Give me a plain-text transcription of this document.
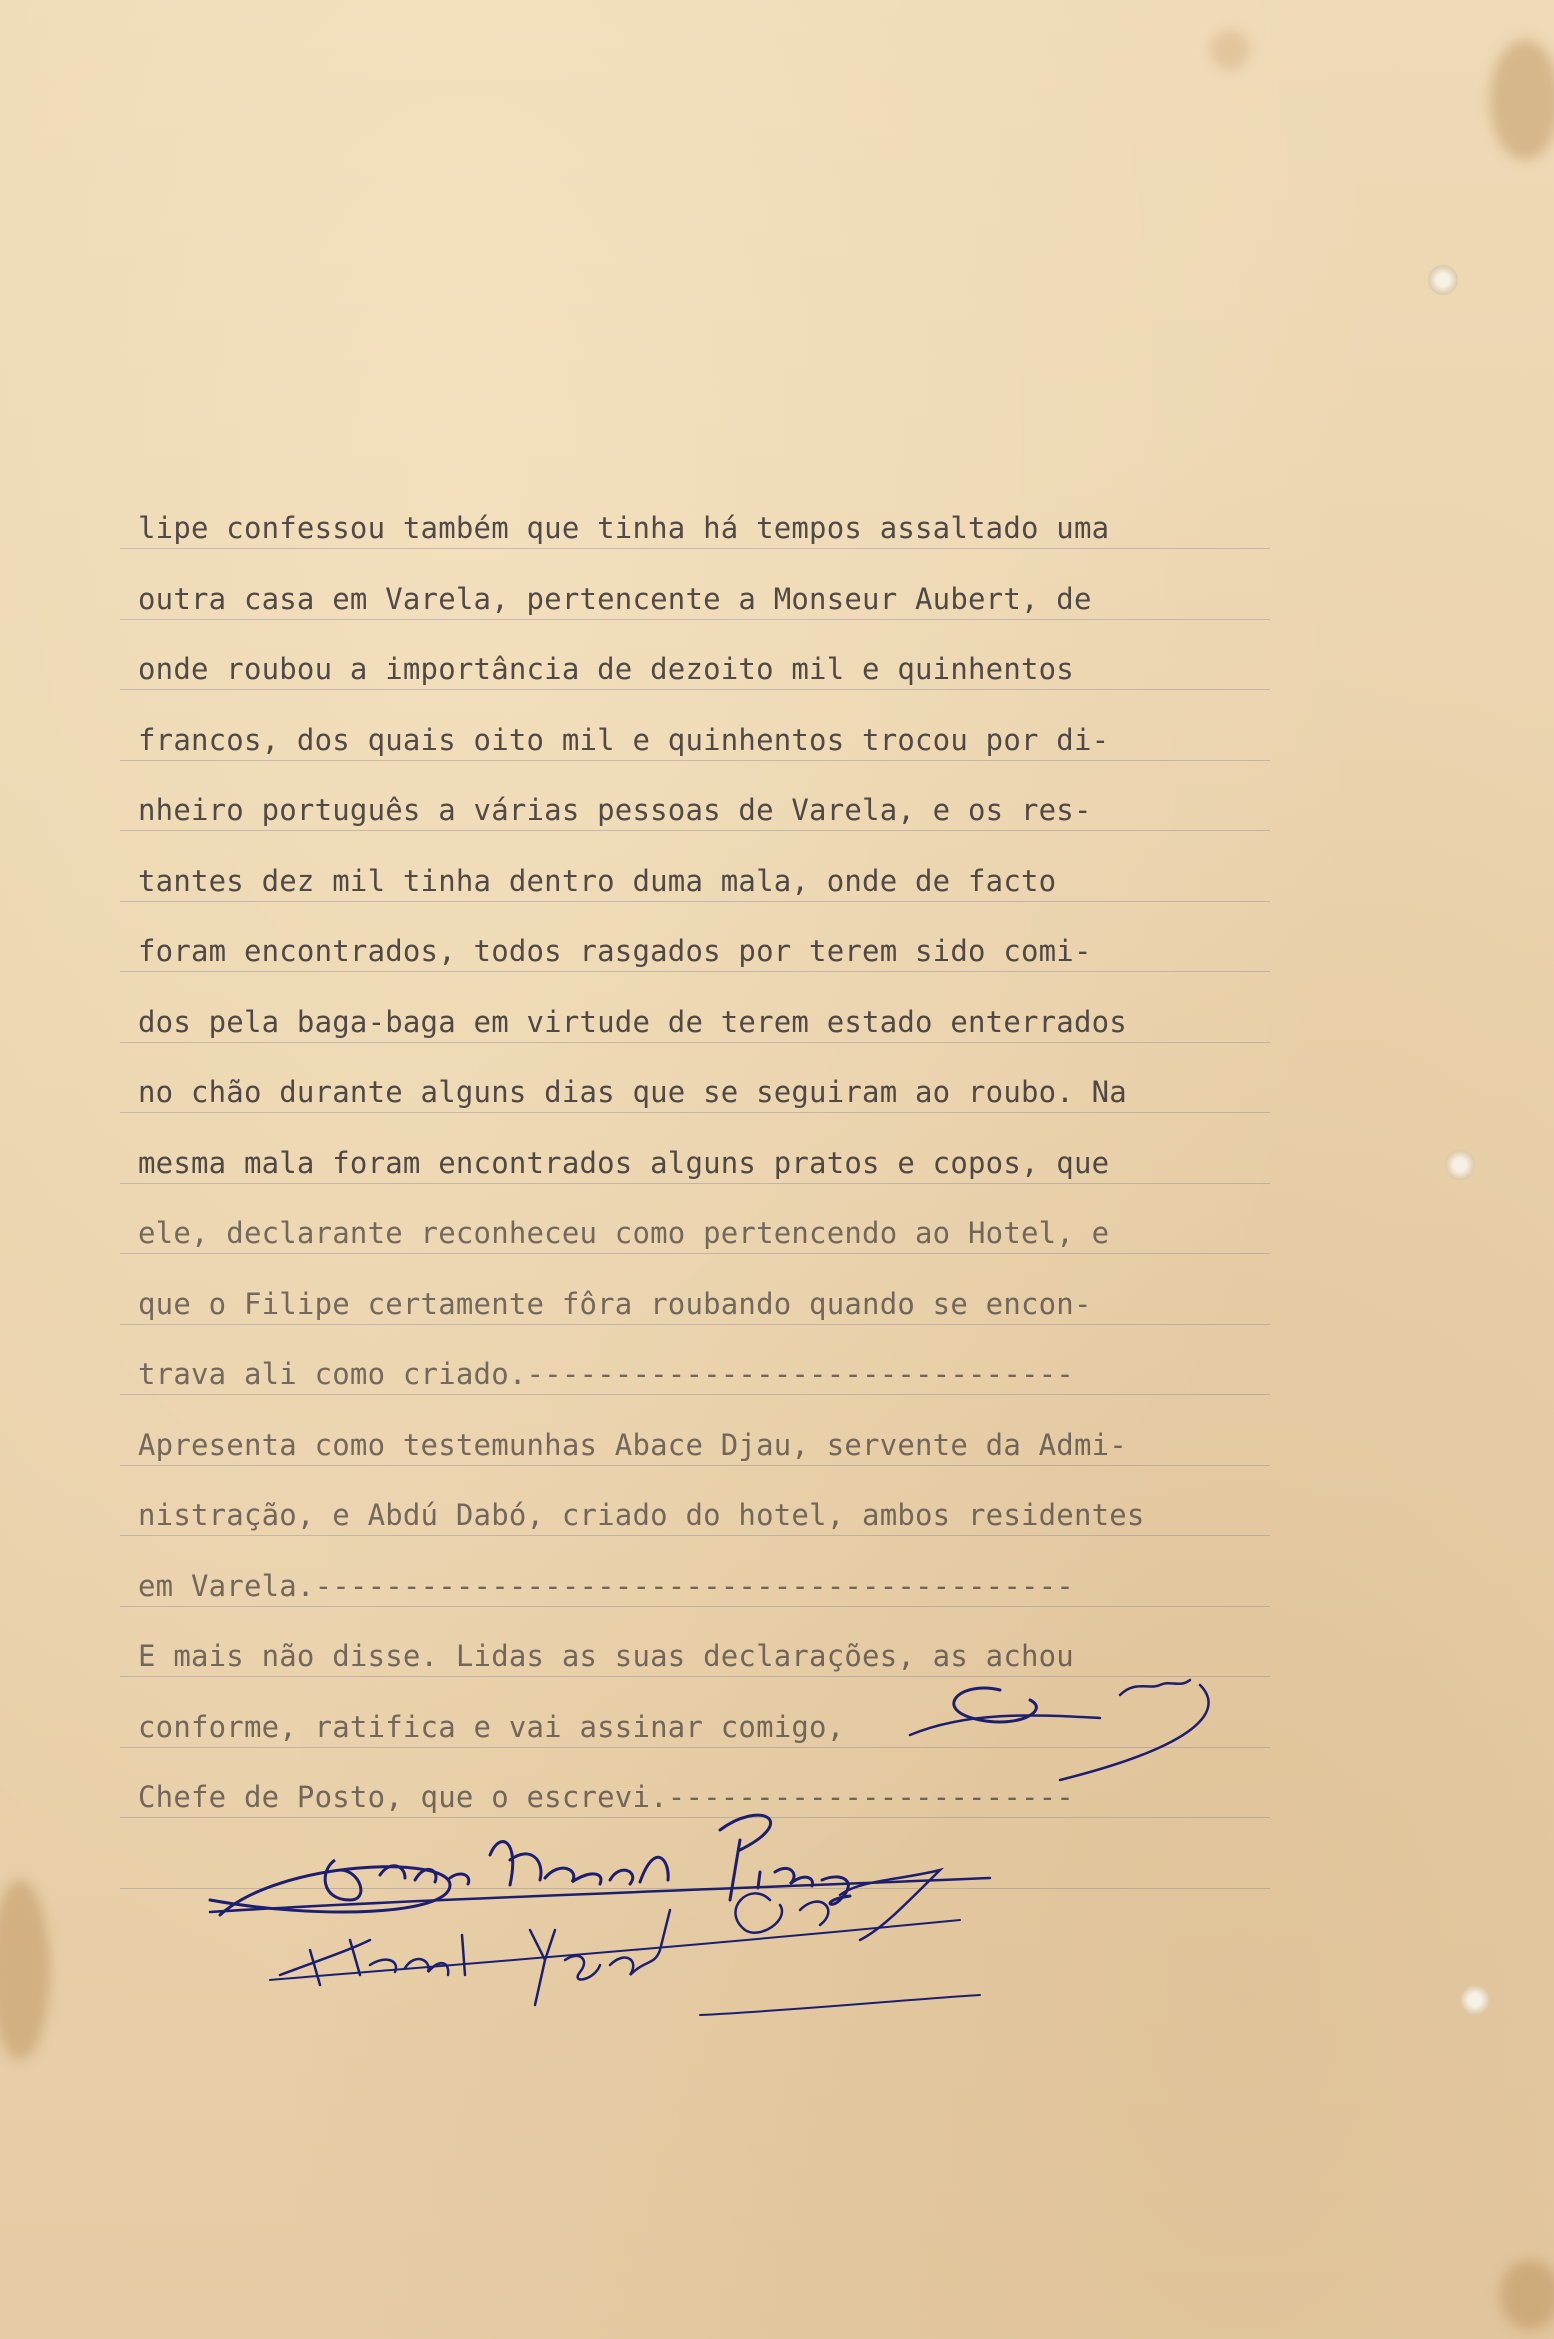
lipe confessou também que tinha há tempos assaltado uma
outra casa em Varela, pertencente a Monseur Aubert, de
onde roubou a importância de dezoito mil e quinhentos
francos, dos quais oito mil e quinhentos trocou por di-
nheiro português a várias pessoas de Varela, e os res-
tantes dez mil tinha dentro duma mala, onde de facto
foram encontrados, todos rasgados por terem sido comi-
dos pela baga-baga em virtude de terem estado enterrados
no chão durante alguns dias que se seguiram ao roubo. Na
mesma mala foram encontrados alguns pratos e copos, que
ele, declarante reconheceu como pertencendo ao Hotel, e
que o Filipe certamente fôra roubando quando se encon-
trava ali como criado.-------------------------------
Apresenta como testemunhas Abace Djau, servente da Admi-
nistração, e Abdú Dabó, criado do hotel, ambos residentes
em Varela.-------------------------------------------
E mais não disse. Lidas as suas declarações, as achou
conforme, ratifica e vai assinar comigo,
Chefe de Posto, que o escrevi.-----------------------
